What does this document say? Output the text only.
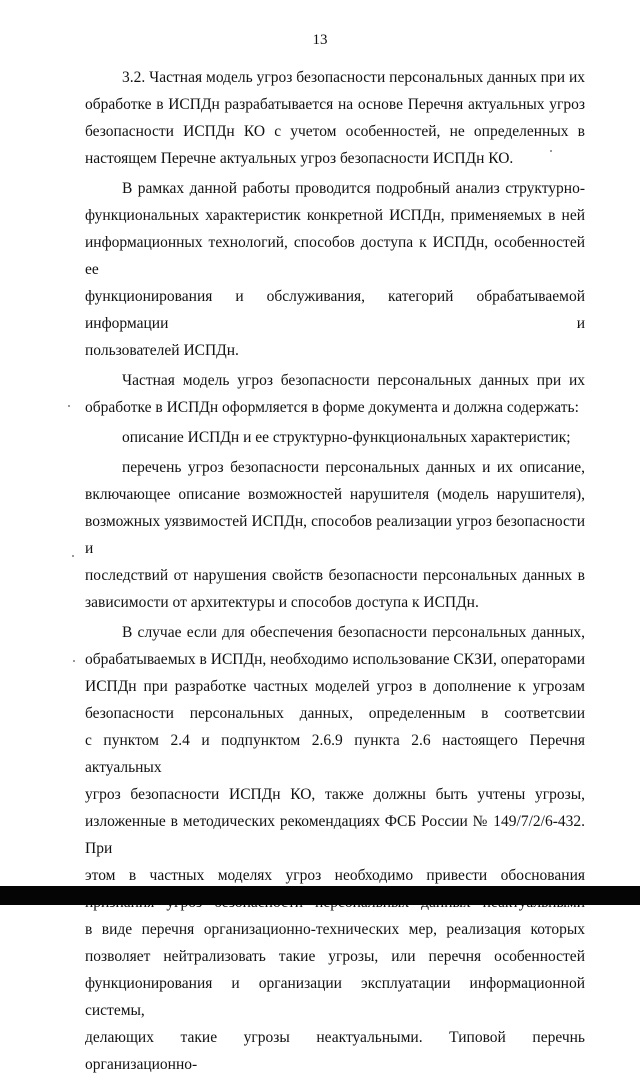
13
3.2. Частная модель угроз безопасности персональных данных при их
обработке в ИСПДн разрабатывается на основе Перечня актуальных угроз
безопасности ИСПДн КО с учетом особенностей, не определенных в
настоящем Перечне актуальных угроз безопасности ИСПДн КО.
В рамках данной работы проводится подробный анализ структурно-
функциональных характеристик конкретной ИСПДн, применяемых в ней
информационных технологий, способов доступа к ИСПДн, особенностей ее
функционирования и обслуживания, категорий обрабатываемой информации и
пользователей ИСПДн.
Частная модель угроз безопасности персональных данных при их
обработке в ИСПДн оформляется в форме документа и должна содержать:
описание ИСПДн и ее структурно-функциональных характеристик;
перечень угроз безопасности персональных данных и их описание,
включающее описание возможностей нарушителя (модель нарушителя),
возможных уязвимостей ИСПДн, способов реализации угроз безопасности и
последствий от нарушения свойств безопасности персональных данных в
зависимости от архитектуры и способов доступа к ИСПДн.
В случае если для обеспечения безопасности персональных данных,
обрабатываемых в ИСПДн, необходимо использование СКЗИ, операторами
ИСПДн при разработке частных моделей угроз в дополнение к угрозам
безопасности персональных данных, определенным в соответсвии
с пунктом 2.4 и подпунктом 2.6.9 пункта 2.6 настоящего Перечня актуальных
угроз безопасности ИСПДн КО, также должны быть учтены угрозы,
изложенные в методических рекомендациях ФСБ России № 149/7/2/6-432. При
этом в частных моделях угроз необходимо привести обоснования
в виде перечня организационно-технических мер, реализация которых
позволяет нейтрализовать такие угрозы, или перечня особенностей
функционирования и организации эксплуатации информационной системы,
делающих такие угрозы неактуальными. Типовой перечнь организационно-
